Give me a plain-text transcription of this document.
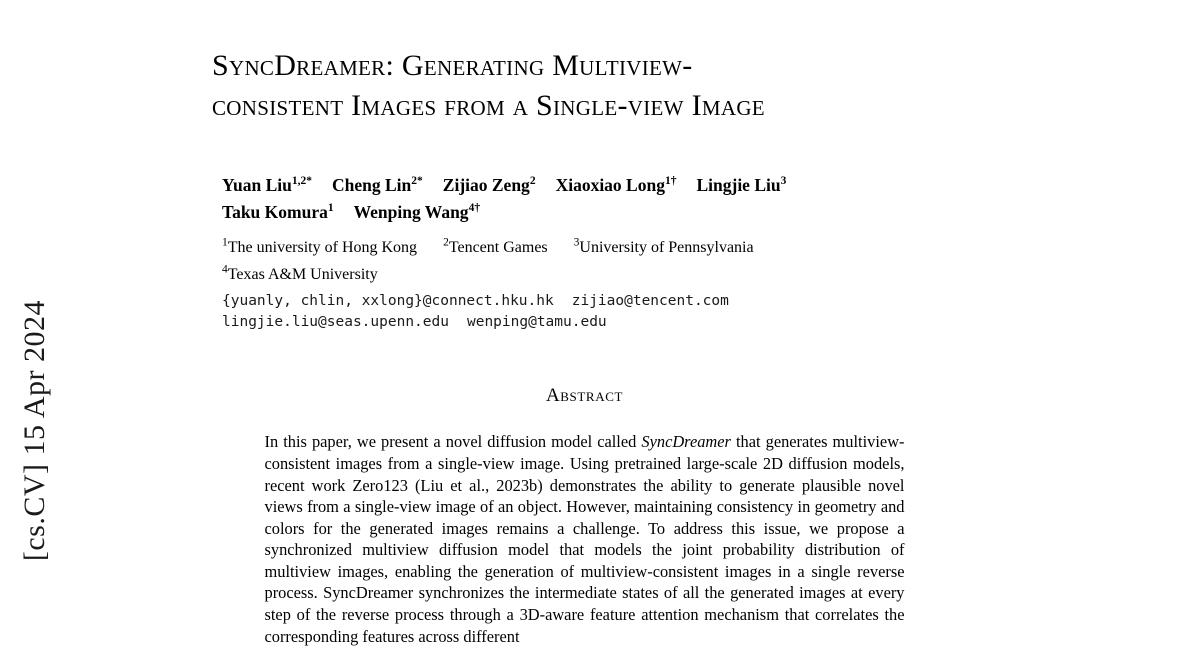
[cs.CV] 15 Apr 2024
SyncDreamer: Generating Multiview-
consistent Images from a Single-view Image
Yuan Liu$^{1,2*}$ Cheng Lin$^{2*}$ Zijiao Zeng$^2$ Xiaoxiao Long$^{1\dagger}$ Lingjie Liu$^3$
Taku Komura$^1$ Wenping Wang$^{4\dagger}$
$^1$The university of Hong Kong $^2$Tencent Games $^3$University of Pennsylvania
$^4$Texas A&M University
{yuanly, chlin, xxlong}@connect.hku.hk zijiao@tencent.com
lingjie.liu@seas.upenn.edu wenping@tamu.edu
Abstract
In this paper, we present a novel diffusion model called SyncDreamer that generates multiview-consistent images from a single-view image. Using pretrained large-scale 2D diffusion models, recent work Zero123 (Liu et al., 2023b) demonstrates the ability to generate plausible novel views from a single-view image of an object. However, maintaining consistency in geometry and colors for the generated images remains a challenge. To address this issue, we propose a synchronized multiview diffusion model that models the joint probability distribution of multiview images, enabling the generation of multiview-consistent images in a single reverse process. SyncDreamer synchronizes the intermediate states of all the generated images at every step of the reverse process through a 3D-aware feature attention mechanism that correlates the corresponding features across different
